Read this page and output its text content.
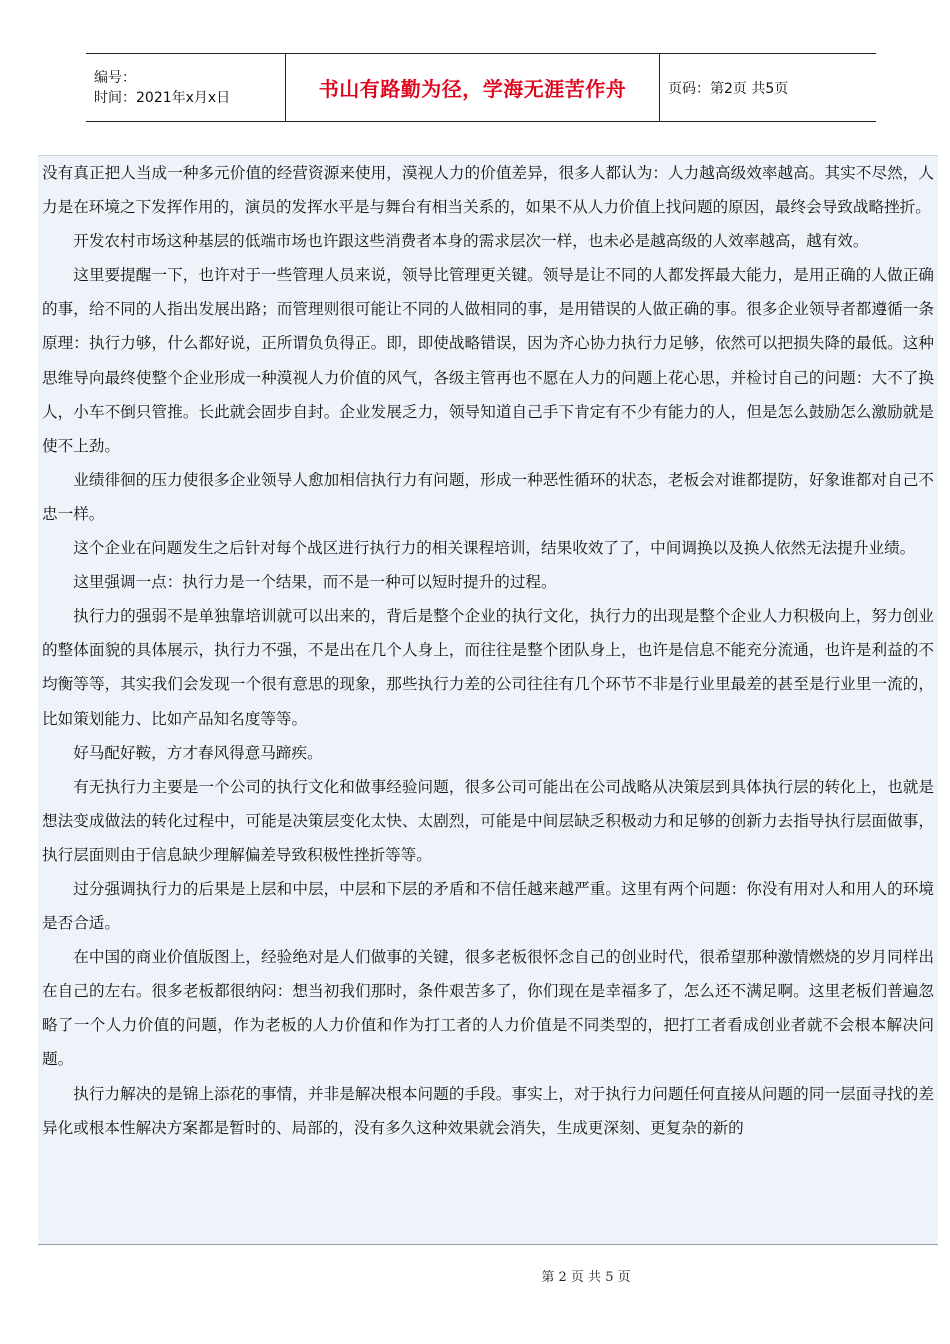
编号：
时间：2021年x月x日	书山有路勤为径，学海无涯苦作舟	页码：第2页 共5页

没有真正把人当成一种多元价值的经营资源来使用，漠视人力的价值差异，很多人都认为：人力越高级效率越高。其实不尽然，人力是在环境之下发挥作用的，演员的发挥水平是与舞台有相当关系的，如果不从人力价值上找问题的原因，最终会导致战略挫折。

开发农村市场这种基层的低端市场也许跟这些消费者本身的需求层次一样，也未必是越高级的人效率越高，越有效。

这里要提醒一下，也许对于一些管理人员来说，领导比管理更关键。领导是让不同的人都发挥最大能力，是用正确的人做正确的事，给不同的人指出发展出路；而管理则很可能让不同的人做相同的事，是用错误的人做正确的事。很多企业领导者都遵循一条原理：执行力够，什么都好说，正所谓负负得正。即，即使战略错误，因为齐心协力执行力足够，依然可以把损失降的最低。这种思维导向最终使整个企业形成一种漠视人力价值的风气，各级主管再也不愿在人力的问题上花心思，并检讨自己的问题：大不了换人，小车不倒只管推。长此就会固步自封。企业发展乏力，领导知道自己手下肯定有不少有能力的人，但是怎么鼓励怎么激励就是使不上劲。

业绩徘徊的压力使很多企业领导人愈加相信执行力有问题，形成一种恶性循环的状态，老板会对谁都提防，好象谁都对自己不忠一样。

这个企业在问题发生之后针对每个战区进行执行力的相关课程培训，结果收效了了，中间调换以及换人依然无法提升业绩。

这里强调一点：执行力是一个结果，而不是一种可以短时提升的过程。

执行力的强弱不是单独靠培训就可以出来的，背后是整个企业的执行文化，执行力的出现是整个企业人力积极向上，努力创业的整体面貌的具体展示，执行力不强，不是出在几个人身上，而往往是整个团队身上，也许是信息不能充分流通，也许是利益的不均衡等等，其实我们会发现一个很有意思的现象，那些执行力差的公司往往有几个环节不非是行业里最差的甚至是行业里一流的，比如策划能力、比如产品知名度等等。

好马配好鞍，方才春风得意马蹄疾。

有无执行力主要是一个公司的执行文化和做事经验问题，很多公司可能出在公司战略从决策层到具体执行层的转化上，也就是想法变成做法的转化过程中，可能是决策层变化太快、太剧烈，可能是中间层缺乏积极动力和足够的创新力去指导执行层面做事，执行层面则由于信息缺少理解偏差导致积极性挫折等等。

过分强调执行力的后果是上层和中层，中层和下层的矛盾和不信任越来越严重。这里有两个问题：你没有用对人和用人的环境是否合适。

在中国的商业价值版图上，经验绝对是人们做事的关键，很多老板很怀念自己的创业时代，很希望那种激情燃烧的岁月同样出在自己的左右。很多老板都很纳闷：想当初我们那时，条件艰苦多了，你们现在是幸福多了，怎么还不满足啊。这里老板们普遍忽略了一个人力价值的问题，作为老板的人力价值和作为打工者的人力价值是不同类型的，把打工者看成创业者就不会根本解决问题。

执行力解决的是锦上添花的事情，并非是解决根本问题的手段。事实上，对于执行力问题任何直接从问题的同一层面寻找的差异化或根本性解决方案都是暂时的、局部的，没有多久这种效果就会消失，生成更深刻、更复杂的新的

第 2 页 共 5 页
